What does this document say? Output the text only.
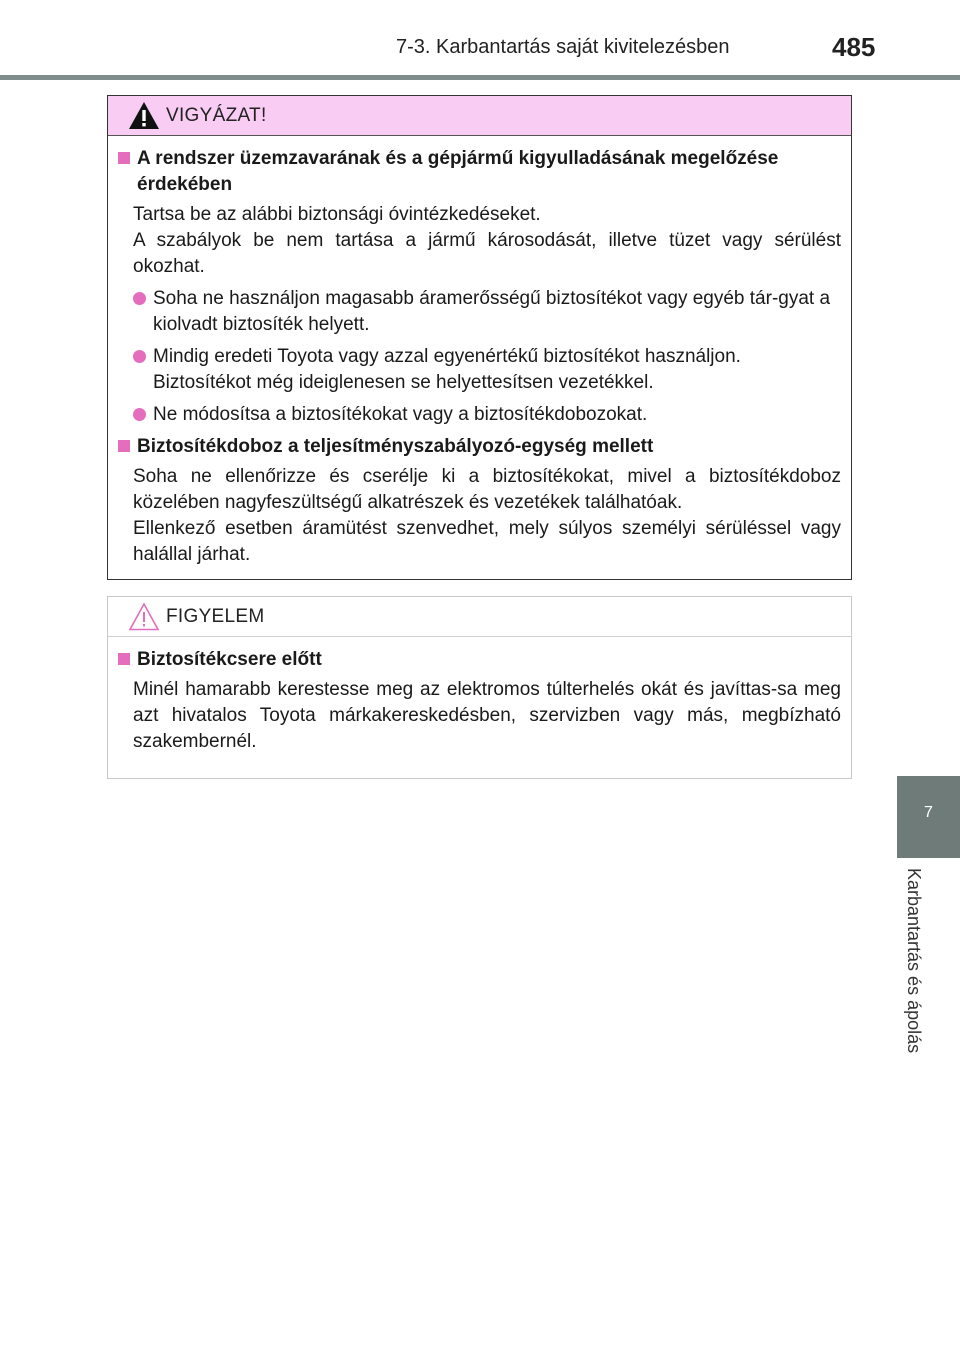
7-3. Karbantartás saját kivitelezésben	485
7
Karbantartás és ápolás
VIGYÁZAT!
A rendszer üzemzavarának és a gépjármű kigyulladásának megelőzése érdekében
Tartsa be az alábbi biztonsági óvintézkedéseket.
A szabályok be nem tartása a jármű károsodását, illetve tüzet vagy sérülést okozhat.
Soha ne használjon magasabb áramerősségű biztosítékot vagy egyéb tár-gyat a kiolvadt biztosíték helyett.
Mindig eredeti Toyota vagy azzal egyenértékű biztosítékot használjon. Biztosítékot még ideiglenesen se helyettesítsen vezetékkel.
Ne módosítsa a biztosítékokat vagy a biztosítékdobozokat.
Biztosítékdoboz a teljesítményszabályozó-egység mellett
Soha ne ellenőrizze és cserélje ki a biztosítékokat, mivel a biztosítékdoboz közelében nagyfeszültségű alkatrészek és vezetékek találhatóak.
Ellenkező esetben áramütést szenvedhet, mely súlyos személyi sérüléssel vagy halállal járhat.
FIGYELEM
Biztosítékcsere előtt
Minél hamarabb kerestesse meg az elektromos túlterhelés okát és javíttas-sa meg azt hivatalos Toyota márkakereskedésben, szervizben vagy más, megbízható szakembernél.
